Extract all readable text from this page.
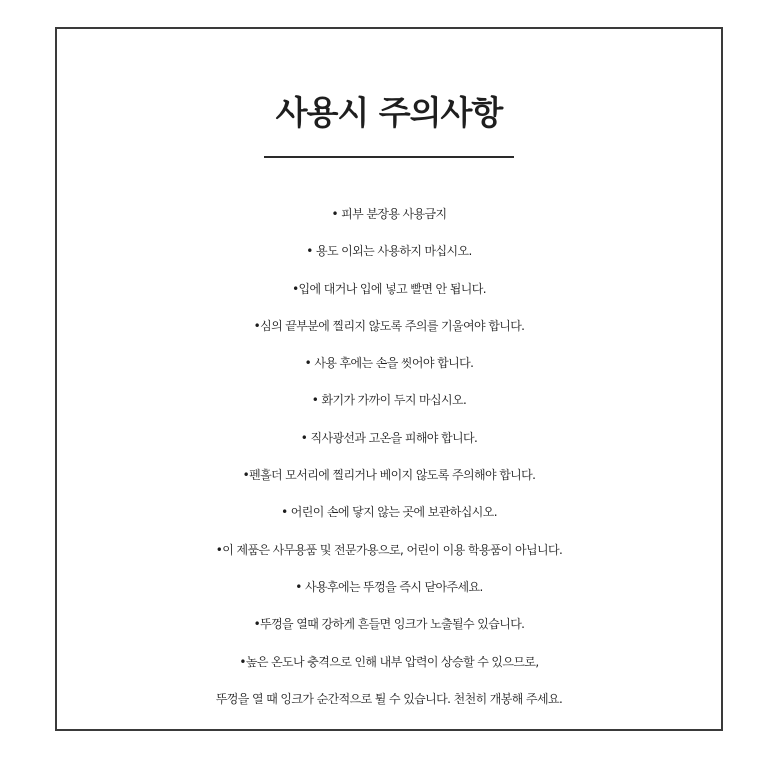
사용시 주의사항
• 피부 분장용 사용금지
• 용도 이외는 사용하지 마십시오.
•입에 대거나 입에 넣고 빨면 안 됩니다.
•심의 끝부분에 찔리지 않도록 주의를 기울여야 합니다.
• 사용 후에는 손을 씻어야 합니다.
• 화기가 가까이 두지 마십시오.
• 직사광선과 고온을 피해야 합니다.
•펜홀더 모서리에 찔리거나 베이지 않도록 주의해야 합니다.
• 어린이 손에 닿지 않는 곳에 보관하십시오.
•이 제품은 사무용품 및 전문가용으로, 어린이 이용 학용품이 아닙니다.
• 사용후에는 뚜껑을 즉시 닫아주세요.
•뚜껑을 열때 강하게 흔들면 잉크가 노출될수 있습니다.
•높은 온도나 충격으로 인해 내부 압력이 상승할 수 있으므로,
뚜껑을 열 때 잉크가 순간적으로 튈 수 있습니다. 천천히 개봉해 주세요.
